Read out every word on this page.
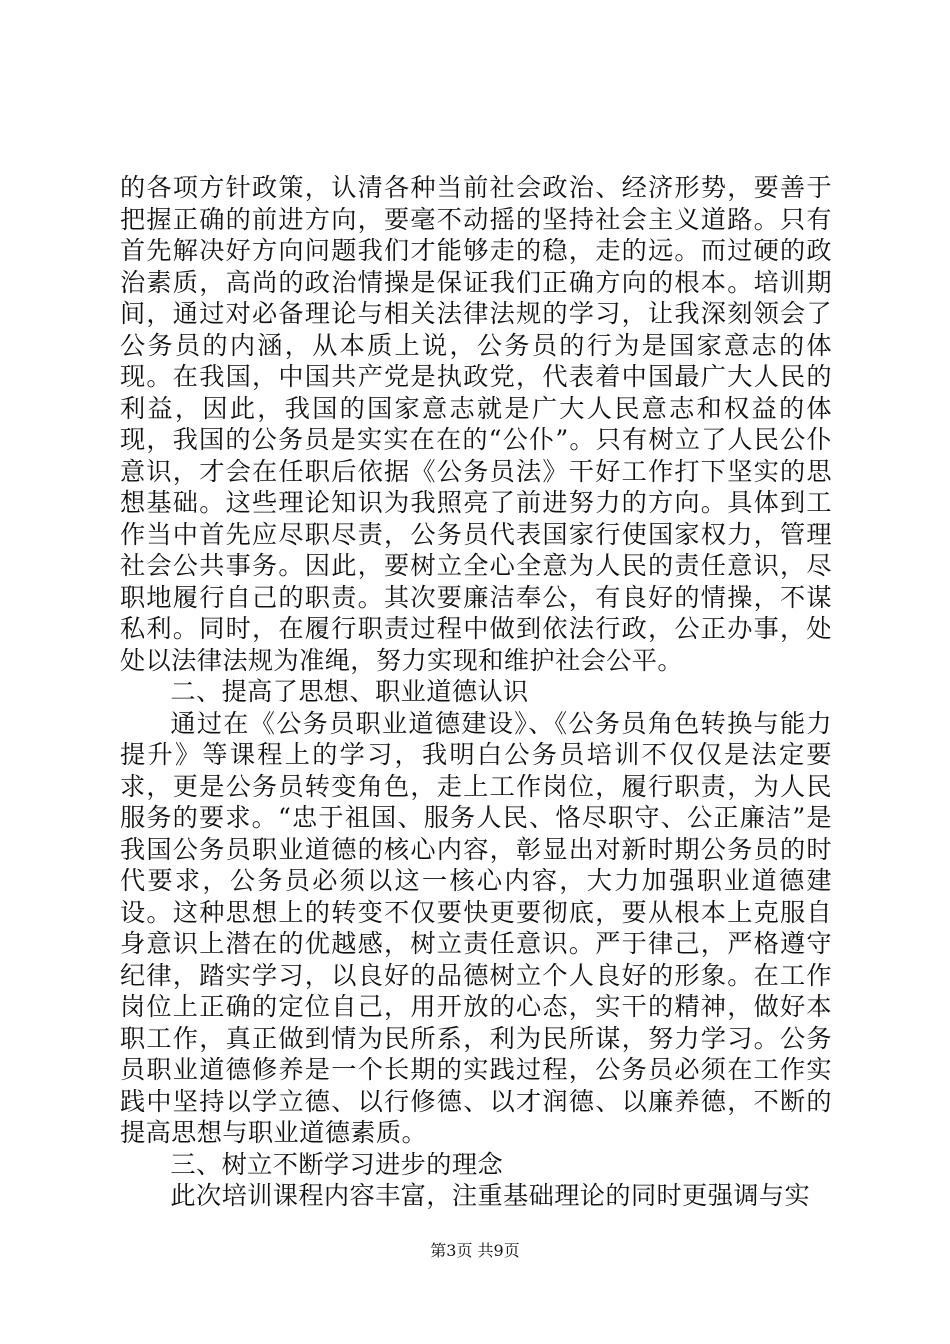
的各项方针政策，认清各种当前社会政治、经济形势，要善于把握正确的前进方向，要毫不动摇的坚持社会主义道路。只有首先解决好方向问题我们才能够走的稳，走的远。而过硬的政治素质，高尚的政治情操是保证我们正确方向的根本。培训期间，通过对必备理论与相关法律法规的学习，让我深刻领会了公务员的内涵，从本质上说，公务员的行为是国家意志的体现。在我国，中国共产党是执政党，代表着中国最广大人民的利益，因此，我国的国家意志就是广大人民意志和权益的体现，我国的公务员是实实在在的“公仆”。只有树立了人民公仆意识，才会在任职后依据《公务员法》干好工作打下坚实的思想基础。这些理论知识为我照亮了前进努力的方向。具体到工作当中首先应尽职尽责，公务员代表国家行使国家权力，管理社会公共事务。因此，要树立全心全意为人民的责任意识，尽职地履行自己的职责。其次要廉洁奉公，有良好的情操，不谋私利。同时，在履行职责过程中做到依法行政，公正办事，处处以法律法规为准绳，努力实现和维护社会公平。

二、提高了思想、职业道德认识

通过在《公务员职业道德建设》、《公务员角色转换与能力提升》等课程上的学习，我明白公务员培训不仅仅是法定要求，更是公务员转变角色，走上工作岗位，履行职责，为人民服务的要求。“忠于祖国、服务人民、恪尽职守、公正廉洁”是我国公务员职业道德的核心内容，彰显出对新时期公务员的时代要求，公务员必须以这一核心内容，大力加强职业道德建设。这种思想上的转变不仅要快更要彻底，要从根本上克服自身意识上潜在的优越感，树立责任意识。严于律己，严格遵守纪律，踏实学习，以良好的品德树立个人良好的形象。在工作岗位上正确的定位自己，用开放的心态，实干的精神，做好本职工作，真正做到情为民所系，利为民所谋，努力学习。公务员职业道德修养是一个长期的实践过程，公务员必须在工作实践中坚持以学立德、以行修德、以才润德、以廉养德，不断的提高思想与职业道德素质。

三、树立不断学习进步的理念

此次培训课程内容丰富，注重基础理论的同时更强调与实

第3页 共9页
